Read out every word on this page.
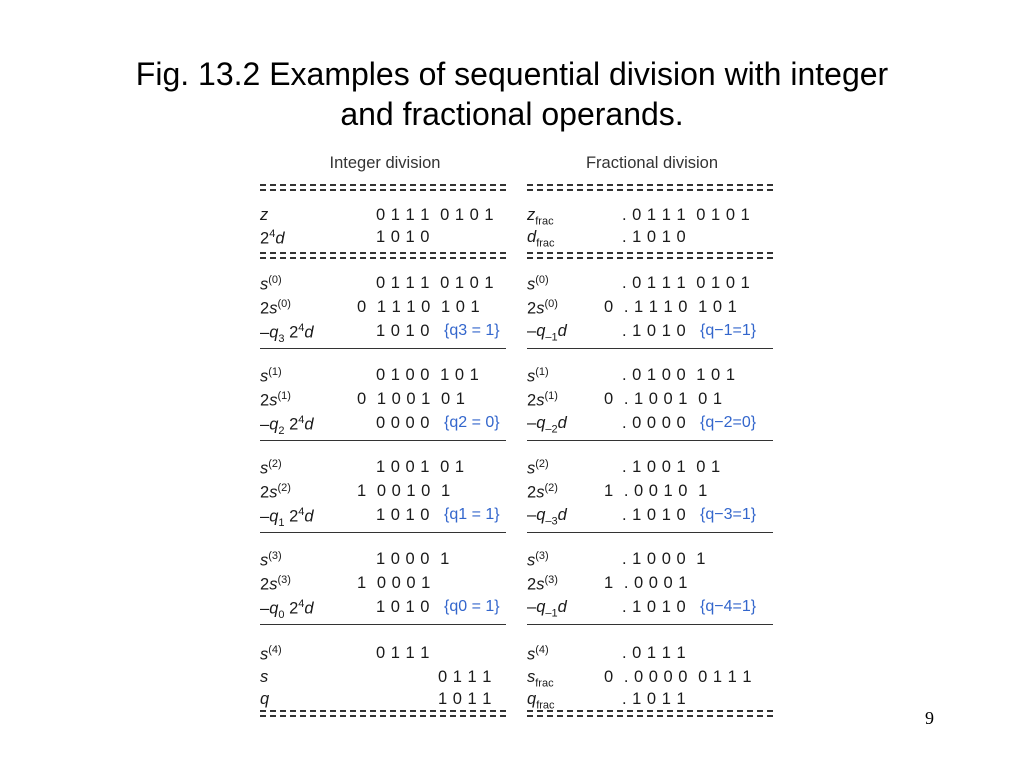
Fig. 13.2 Examples of sequential division with integer
and fractional operands.
Integer division
z	0 1 1 1  0 1 0 1
$2^4d$	1 0 1 0
$s^{(0)}$	0 1 1 1  0 1 0 1
$2s^{(0)}$	0  1 1 1 0  1 0 1
$-q_3$ $2^4d$	1 0 1 0 {q3 = 1}
$s^{(1)}$	0 1 0 0  1 0 1
$2s^{(1)}$	0  1 0 0 1  0 1
$-q_2$ $2^4d$	0 0 0 0 {q2 = 0}
$s^{(2)}$	1 0 0 1  0 1
$2s^{(2)}$	1  0 0 1 0  1
$-q_1$ $2^4d$	1 0 1 0 {q1 = 1}
$s^{(3)}$	1 0 0 0  1
$2s^{(3)}$	1  0 0 0 1
$-q_0$ $2^4d$	1 0 1 0 {q0 = 1}
$s^{(4)}$	0 1 1 1
s	0 1 1 1
q	1 0 1 1
Fractional division
$z_{frac}$	. 0 1 1 1  0 1 0 1
$d_{frac}$	. 1 0 1 0
$s^{(0)}$	. 0 1 1 1  0 1 0 1
$2s^{(0)}$	0  . 1 1 1 0  1 0 1
$-q_{-1}d$	. 1 0 1 0 {q−1=1}
$s^{(1)}$	. 0 1 0 0  1 0 1
$2s^{(1)}$	0  . 1 0 0 1  0 1
$-q_{-2}d$	. 0 0 0 0 {q−2=0}
$s^{(2)}$	. 1 0 0 1  0 1
$2s^{(2)}$	1  . 0 0 1 0  1
$-q_{-3}d$	. 1 0 1 0 {q−3=1}
$s^{(3)}$	. 1 0 0 0  1
$2s^{(3)}$	1  . 0 0 0 1
$-q_{-1}d$	. 1 0 1 0 {q−4=1}
$s^{(4)}$	. 0 1 1 1
$s_{frac}$	0  . 0 0 0 0  0 1 1 1
$q_{frac}$	. 1 0 1 1
9
